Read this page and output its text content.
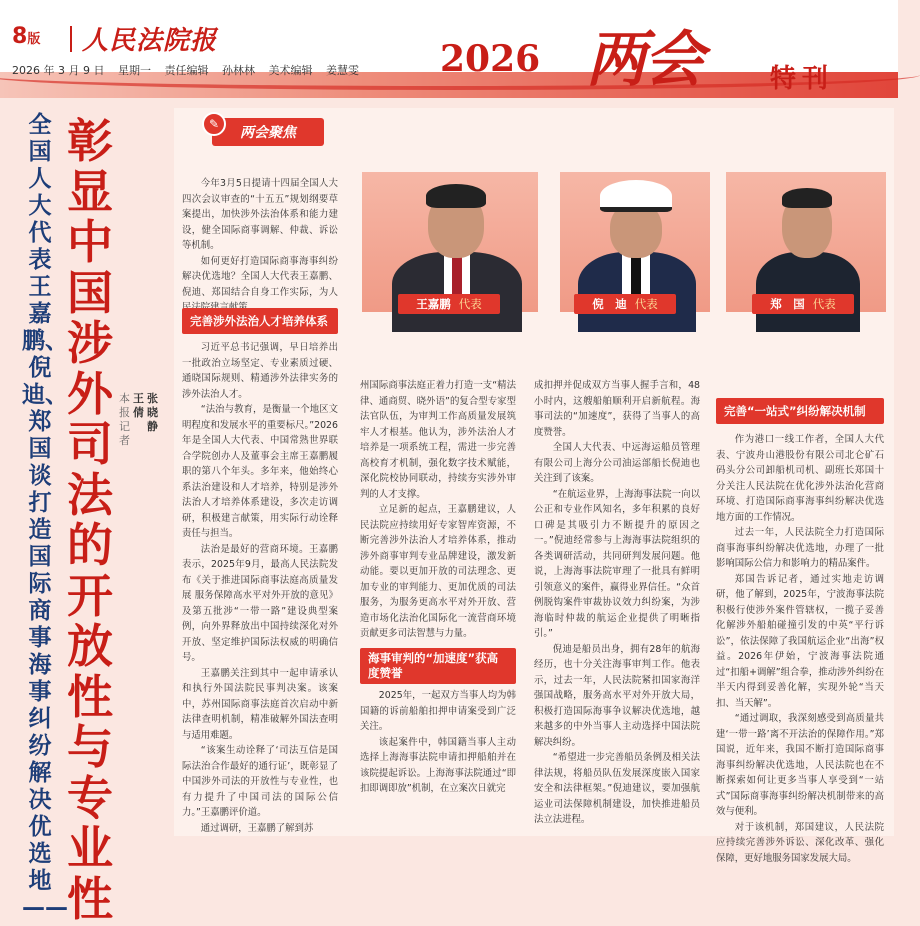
8版 人民法院报
2026 年 3 月 9 日 星期一 责任编辑 孙林林 美术编辑 姜慧雯 2026 两会	特刊
全国人大代表王嘉鹏、倪迪、郑国谈打造国际商事海事纠纷解决优选地——
彰显中国涉外司法的开放性与专业性
本报记者
王 倩
张晓静
✎
两会聚焦

今年3月5日提请十四届全国人大四次会议审查的“十五五”规划纲要草案提出，加快涉外法治体系和能力建设，健全国际商事调解、仲裁、诉讼等机制。

如何更好打造国际商事海事纠纷解决优选地？全国人大代表王嘉鹏、倪迪、郑国结合自身工作实际，为人

完善涉外法治人才培养体系

习近平总书记强调，早日培养出一批政治立场坚定、专业素质过硬、通晓国际规则、精通涉外法律实务的涉外法治人才。

“法治与教育，是衡量一个地区文明程度和发展水平的重要标尺。”2026年是全国人大代表、中国常熟世界联合学院创办人及董事会主席王嘉鹏履职的第八个年头。多年来，他始终心系法治建设和人才培养，特别是涉外法治人才培养体系建设，多次走访调研，积极建言献策，用实际行动诠释责任与担当。

法治是最好的营商环境。王嘉鹏表示，2025年9月，最高人民法院发布《关于推进国际商事法庭高质量发展 服务保障高水平对外开放的意见》及第五批涉“一带一路”建设典型案例，向外界释放出中国持续深化对外开放、坚定维护国际法权威的明确信号。

王嘉鹏关注到其中一起申请承认和执行外国法院民事判决案。该案中，苏州国际商事法庭首次启动中新法律查明机制，精准破解外国法查明与适用难题。

“该案生动诠释了‘司法互信是国际法治合作最好的通行证’，既彰显了中国涉外司法的开放性与专业性，也有力提升了中国司法的国际公信力。”王嘉鹏评价道。

通过调研，王嘉鹏了解到苏

王嘉鹏 代表	倪　迪 代表	郑　国 代表

州国际商事法庭正着力打造一支“精法律、通商贸、晓外语”的复合型专家型法官队伍，为审判工作高质量发展筑牢人才根基。他认为，涉外法治人才培养是一项系统工程，需进一步完善高校育才机制，强化数字技术赋能，深化院校协同联动，持续夯实涉外审判的人才支撑。

立足新的起点，王嘉鹏建议，人民法院应持续用好专家智库资源，不断完善涉外法治人才培养体系，推动涉外商事审判专业品牌建设，激发新动能。要以更加开放的司法理念、更加专业的审判能力、更加优质的司法服务，为服务更高水平对外开放、营造市场化法治化国际化一流营商环境贡献更多司法智慧与力量。

海事审判的“加速度”获高度赞誉

2025年，一起双方当事人均为韩国籍的诉前船舶扣押申请案受到广泛关注。

该起案件中，韩国籍当事人主动选择上海海事法院申请扣押船舶并在该院提起诉讼。上海海事法院通过“即扣即调即放”机制，在立案次日就完

成扣押并促成双方当事人握手言和，48小时内，这艘船舶顺利开启新航程。海事司法的“加速度”，获得了当事人的高度赞誉。

全国人大代表、中远海运船员管理有限公司上海分公司油运部船长倪迪也关注到了该案。

“在航运业界，上海海事法院一向以公正和专业作风知名，多年积累的良好口碑是其吸引力不断提升的原因之一。”倪迪经常参与上海海事法院组织的各类调研活动，共同研判发展问题。他说，上海海事法院审理了一批具有鲜明引领意义的案件，赢得业界信任。“众首例脱钩案件审裁协议效力纠纷案，为涉海临时仲裁的航运企业提供了明晰指引。”

倪迪是船员出身，拥有28年的航海经历，也十分关注海事审判工作。他表示，过去一年，人民法院紧扣国家海洋强国战略，服务高水平对外开放大局，积极打造国际海事争议解决优选地，越来越多的中外当事人主动选择中国法院解决纠纷。

“希望进一步完善船员条例及相关法律法规，将船员队伍发展深度嵌入国家安全和法律框架。”倪迪建议，要加强航运业司法保障机制建设，加快推进船员法立法进程。

完善“一站式”纠纷解决机制

作为港口一线工作者，全国人大代表、宁波舟山港股份有限公司北仑矿石码头分公司卸船机司机、副班长郑国十分关注人民法院在优化涉外法治化营商环境、打造国际商事海事纠纷解决优选地方面的工作情况。

过去一年，人民法院全力打造国际商事海事纠纷解决优选地，办理了一批影响国际公信力和影响力的精品案件。

郑国告诉记者，通过实地走访调研，他了解到，2025年，宁波海事法院积极行使涉外案件管辖权，一揽子妥善化解涉外船舶碰撞引发的中英“平行诉讼”，依法保障了我国航运企业“出海”权益。2026年伊始，宁波海事法院通过“扣船+调解”组合拳，推动涉外纠纷在半天内得到妥善化解，实现外轮“当天扣、当天解”。

“通过调取，我深刻感受到高质量共建‘一带一路’离不开法治的保障作用。”郑国说，近年来，我国不断打造国际商事海事纠纷解决优选地，人民法院也在不断探索如何让更多当事人享受到“一站式”国际商事海事纠纷解决机制带来的高效与便利。

对于该机制，郑国建议，人民法院应持续完善涉外诉讼、深化改革、强化保障，更好地服务国家发展大局。
